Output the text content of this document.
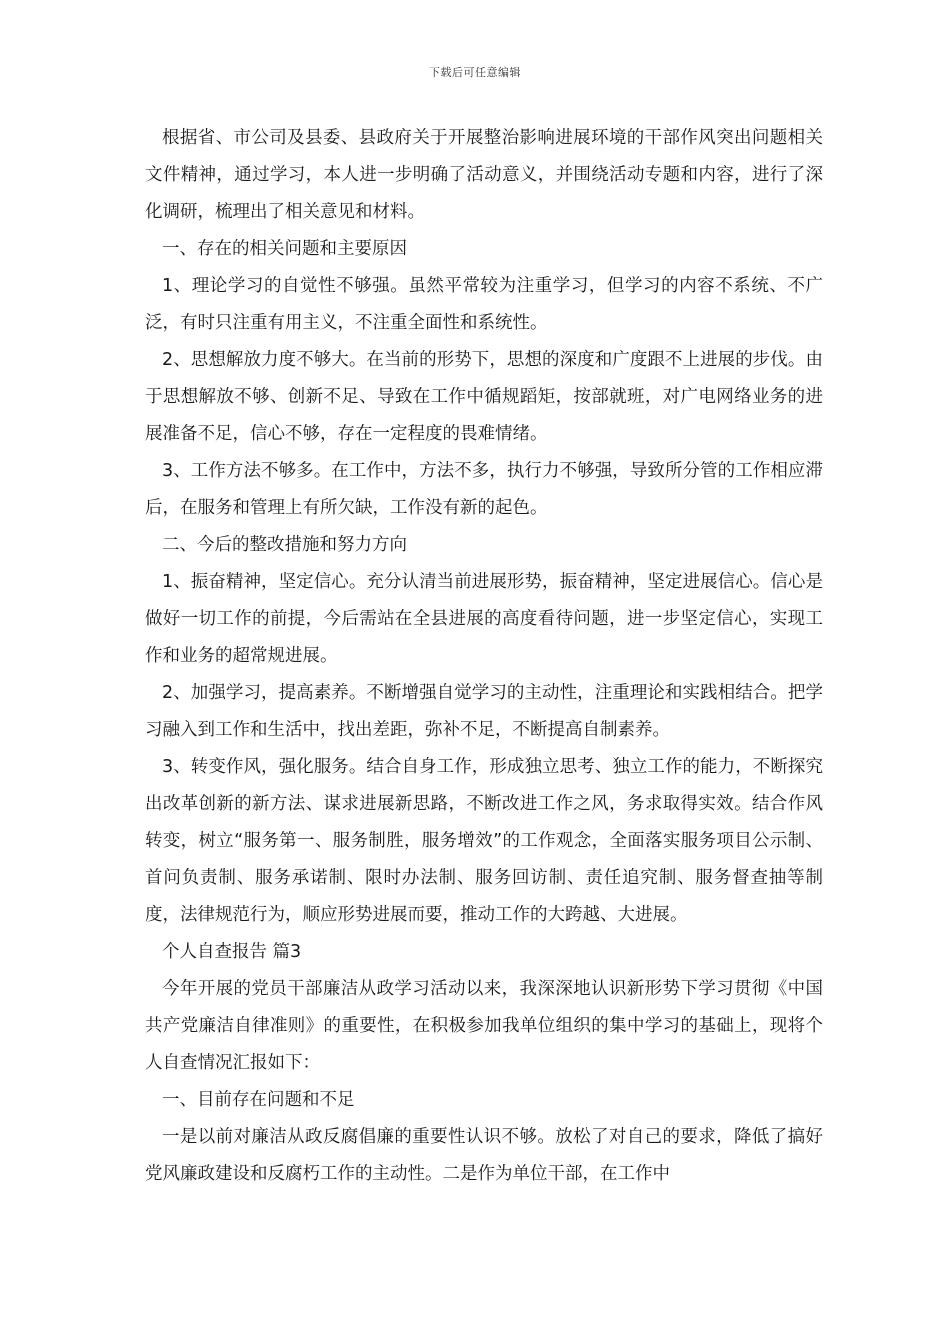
下载后可任意编辑

根据省、市公司及县委、县政府关于开展整治影响进展环境的干部作风突出问题相关文件精神，通过学习，本人进一步明确了活动意义，并围绕活动专题和内容，进行了深化调研，梳理出了相关意见和材料。

一、存在的相关问题和主要原因

1、理论学习的自觉性不够强。虽然平常较为注重学习，但学习的内容不系统、不广泛，有时只注重有用主义，不注重全面性和系统性。

2、思想解放力度不够大。在当前的形势下，思想的深度和广度跟不上进展的步伐。由于思想解放不够、创新不足、导致在工作中循规蹈矩，按部就班，对广电网络业务的进展准备不足，信心不够，存在一定程度的畏难情绪。

3、工作方法不够多。在工作中，方法不多，执行力不够强，导致所分管的工作相应滞后，在服务和管理上有所欠缺，工作没有新的起色。

二、今后的整改措施和努力方向

1、振奋精神，坚定信心。充分认清当前进展形势，振奋精神，坚定进展信心。信心是做好一切工作的前提，今后需站在全县进展的高度看待问题，进一步坚定信心，实现工作和业务的超常规进展。

2、加强学习，提高素养。不断增强自觉学习的主动性，注重理论和实践相结合。把学习融入到工作和生活中，找出差距，弥补不足，不断提高自制素养。

3、转变作风，强化服务。结合自身工作，形成独立思考、独立工作的能力，不断探究出改革创新的新方法、谋求进展新思路，不断改进工作之风，务求取得实效。结合作风转变，树立“服务第一、服务制胜，服务增效”的工作观念，全面落实服务项目公示制、首问负责制、服务承诺制、限时办法制、服务回访制、责任追究制、服务督查抽等制度，法律规范行为，顺应形势进展而要，推动工作的大跨越、大进展。

个人自查报告 篇3

今年开展的党员干部廉洁从政学习活动以来，我深深地认识新形势下学习贯彻《中国共产党廉洁自律准则》的重要性，在积极参加我单位组织的集中学习的基础上，现将个人自查情况汇报如下：

一、目前存在问题和不足

一是以前对廉洁从政反腐倡廉的重要性认识不够。放松了对自己的要求，降低了搞好党风廉政建设和反腐朽工作的主动性。二是作为单位干部，在工作中
